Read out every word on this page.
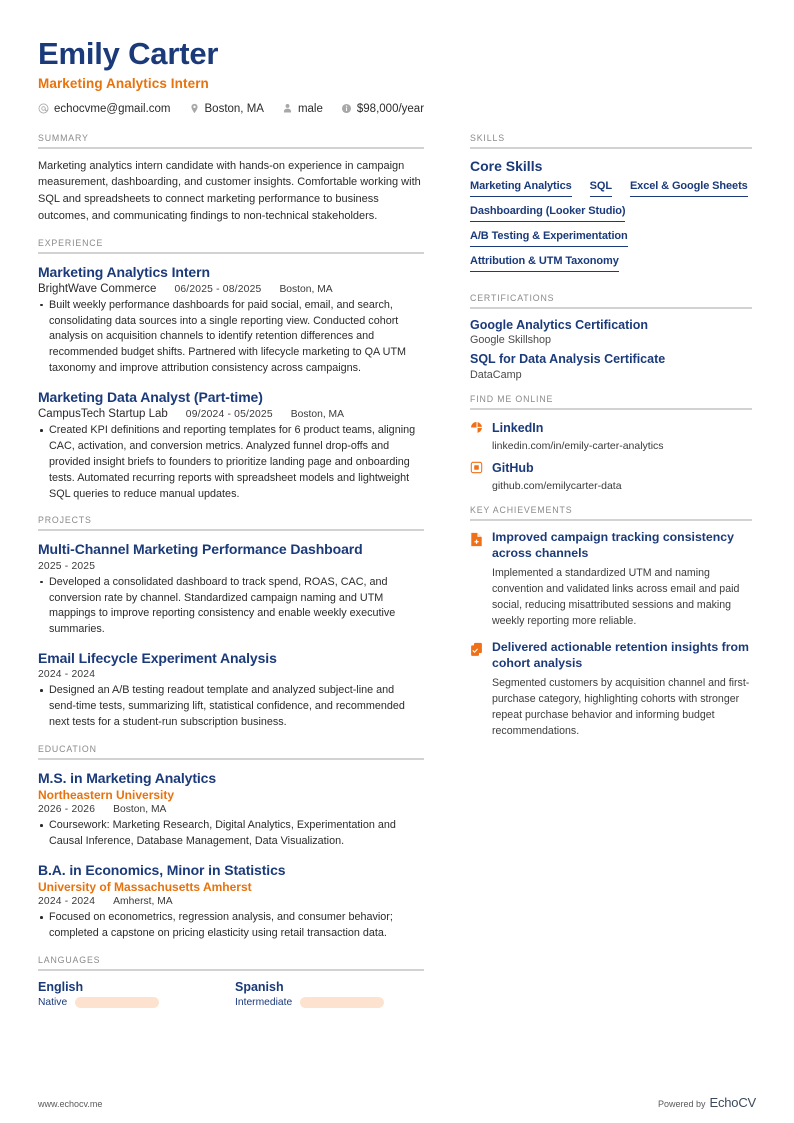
Emily Carter
Marketing Analytics Intern
echocvme@gmail.com	Boston, MA	male	$98,000/year
SUMMARY
Marketing analytics intern candidate with hands-on experience in campaign measurement, dashboarding, and customer insights. Comfortable working with SQL and spreadsheets to connect marketing performance to business outcomes, and communicating findings to non-technical stakeholders.
EXPERIENCE
Marketing Analytics Intern
BrightWave Commerce 06/2025 - 08/2025 Boston, MA
Built weekly performance dashboards for paid social, email, and search, consolidating data sources into a single reporting view. Conducted cohort analysis on acquisition channels to identify retention differences and recommended budget shifts. Partnered with lifecycle marketing to QA UTM taxonomy and improve attribution consistency across campaigns.
Marketing Data Analyst (Part-time)
CampusTech Startup Lab 09/2024 - 05/2025 Boston, MA
Created KPI definitions and reporting templates for 6 product teams, aligning CAC, activation, and conversion metrics. Analyzed funnel drop-offs and provided insight briefs to founders to prioritize landing page and onboarding tests. Automated recurring reports with spreadsheet models and lightweight SQL queries to reduce manual updates.
PROJECTS
Multi-Channel Marketing Performance Dashboard
2025 - 2025
Developed a consolidated dashboard to track spend, ROAS, CAC, and conversion rate by channel. Standardized campaign naming and UTM mappings to improve reporting consistency and enable weekly executive summaries.
Email Lifecycle Experiment Analysis
2024 - 2024
Designed an A/B testing readout template and analyzed subject-line and send-time tests, summarizing lift, statistical confidence, and recommended next tests for a student-run subscription business.
EDUCATION
M.S. in Marketing Analytics
Northeastern University
2026 - 2026 Boston, MA
Coursework: Marketing Research, Digital Analytics, Experimentation and Causal Inference, Database Management, Data Visualization.
B.A. in Economics, Minor in Statistics
University of Massachusetts Amherst
2024 - 2024 Amherst, MA
Focused on econometrics, regression analysis, and consumer behavior; completed a capstone on pricing elasticity using retail transaction data.
LANGUAGES
English
Native
Spanish
Intermediate
SKILLS
Core Skills
Marketing Analytics SQL Excel & Google Sheets
Dashboarding (Looker Studio)
A/B Testing & Experimentation
Attribution & UTM Taxonomy
CERTIFICATIONS
Google Analytics Certification
Google Skillshop
SQL for Data Analysis Certificate
DataCamp
FIND ME ONLINE
LinkedIn
linkedin.com/in/emily-carter-analytics
GitHub
github.com/emilycarter-data
KEY ACHIEVEMENTS
Improved campaign tracking consistency across channels
Implemented a standardized UTM and naming convention and validated links across email and paid social, reducing misattributed sessions and making weekly reporting more reliable.
Delivered actionable retention insights from cohort analysis
Segmented customers by acquisition channel and first-purchase category, highlighting cohorts with stronger repeat purchase behavior and informing budget recommendations.
www.echocv.me	Powered by EchoCV
